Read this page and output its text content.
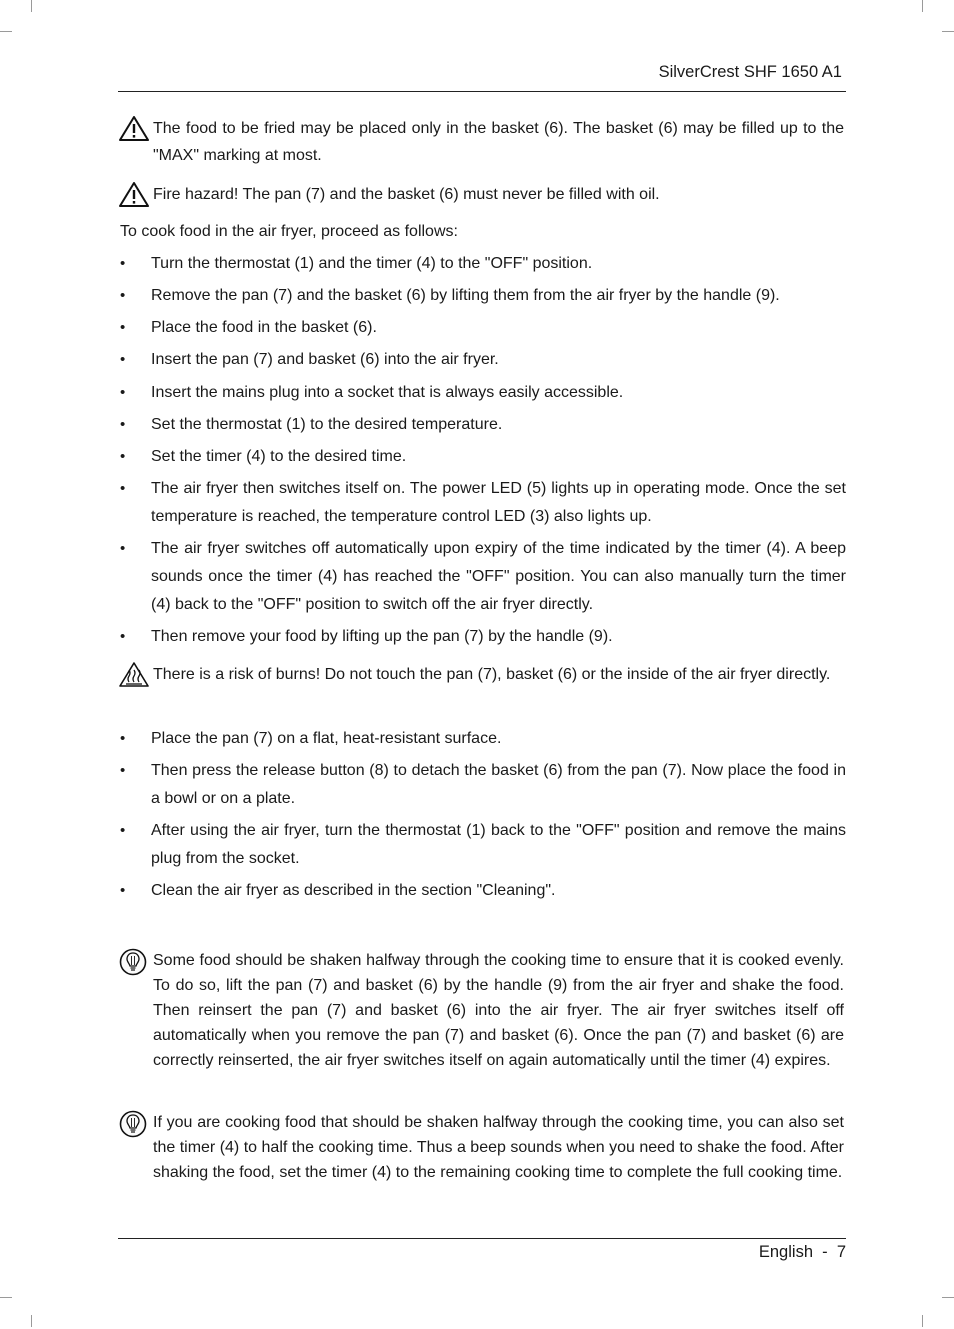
SilverCrest SHF 1650 A1
The food to be fried may be placed only in the basket (6). The basket (6) may be filled up to the "MAX" marking at most.
Fire hazard! The pan (7) and the basket (6) must never be filled with oil.
To cook food in the air fryer, proceed as follows:
•	Turn the thermostat (1) and the timer (4) to the "OFF" position.
•	Remove the pan (7) and the basket (6) by lifting them from the air fryer by the handle (9).
•	Place the food in the basket (6).
•	Insert the pan (7) and basket (6) into the air fryer.
•	Insert the mains plug into a socket that is always easily accessible.
•	Set the thermostat (1) to the desired temperature.
•	Set the timer (4) to the desired time.
•	The air fryer then switches itself on. The power LED (5) lights up in operating mode. Once the set temperature is reached, the temperature control LED (3) also lights up.
•	The air fryer switches off automatically upon expiry of the time indicated by the timer (4). A beep sounds once the timer (4) has reached the "OFF" position. You can also manually turn the timer (4) back to the "OFF" position to switch off the air fryer directly.
•	Then remove your food by lifting up the pan (7) by the handle (9).
There is a risk of burns! Do not touch the pan (7), basket (6) or the inside of the air fryer directly.
•	Place the pan (7) on a flat, heat-resistant surface.
•	Then press the release button (8) to detach the basket (6) from the pan (7). Now place the food in a bowl or on a plate.
•	After using the air fryer, turn the thermostat (1) back to the "OFF" position and remove the mains plug from the socket.
•	Clean the air fryer as described in the section "Cleaning".
Some food should be shaken halfway through the cooking time to ensure that it is cooked evenly. To do so, lift the pan (7) and basket (6) by the handle (9) from the air fryer and shake the food. Then reinsert the pan (7) and basket (6) into the air fryer. The air fryer switches itself off automatically when you remove the pan (7) and basket (6). Once the pan (7) and basket (6) are correctly reinserted, the air fryer switches itself on again automatically until the timer (4) expires.
If you are cooking food that should be shaken halfway through the cooking time, you can also set the timer (4) to half the cooking time. Thus a beep sounds when you need to shake the food. After shaking the food, set the timer (4) to the remaining cooking time to complete the full cooking time.
English  -  7
